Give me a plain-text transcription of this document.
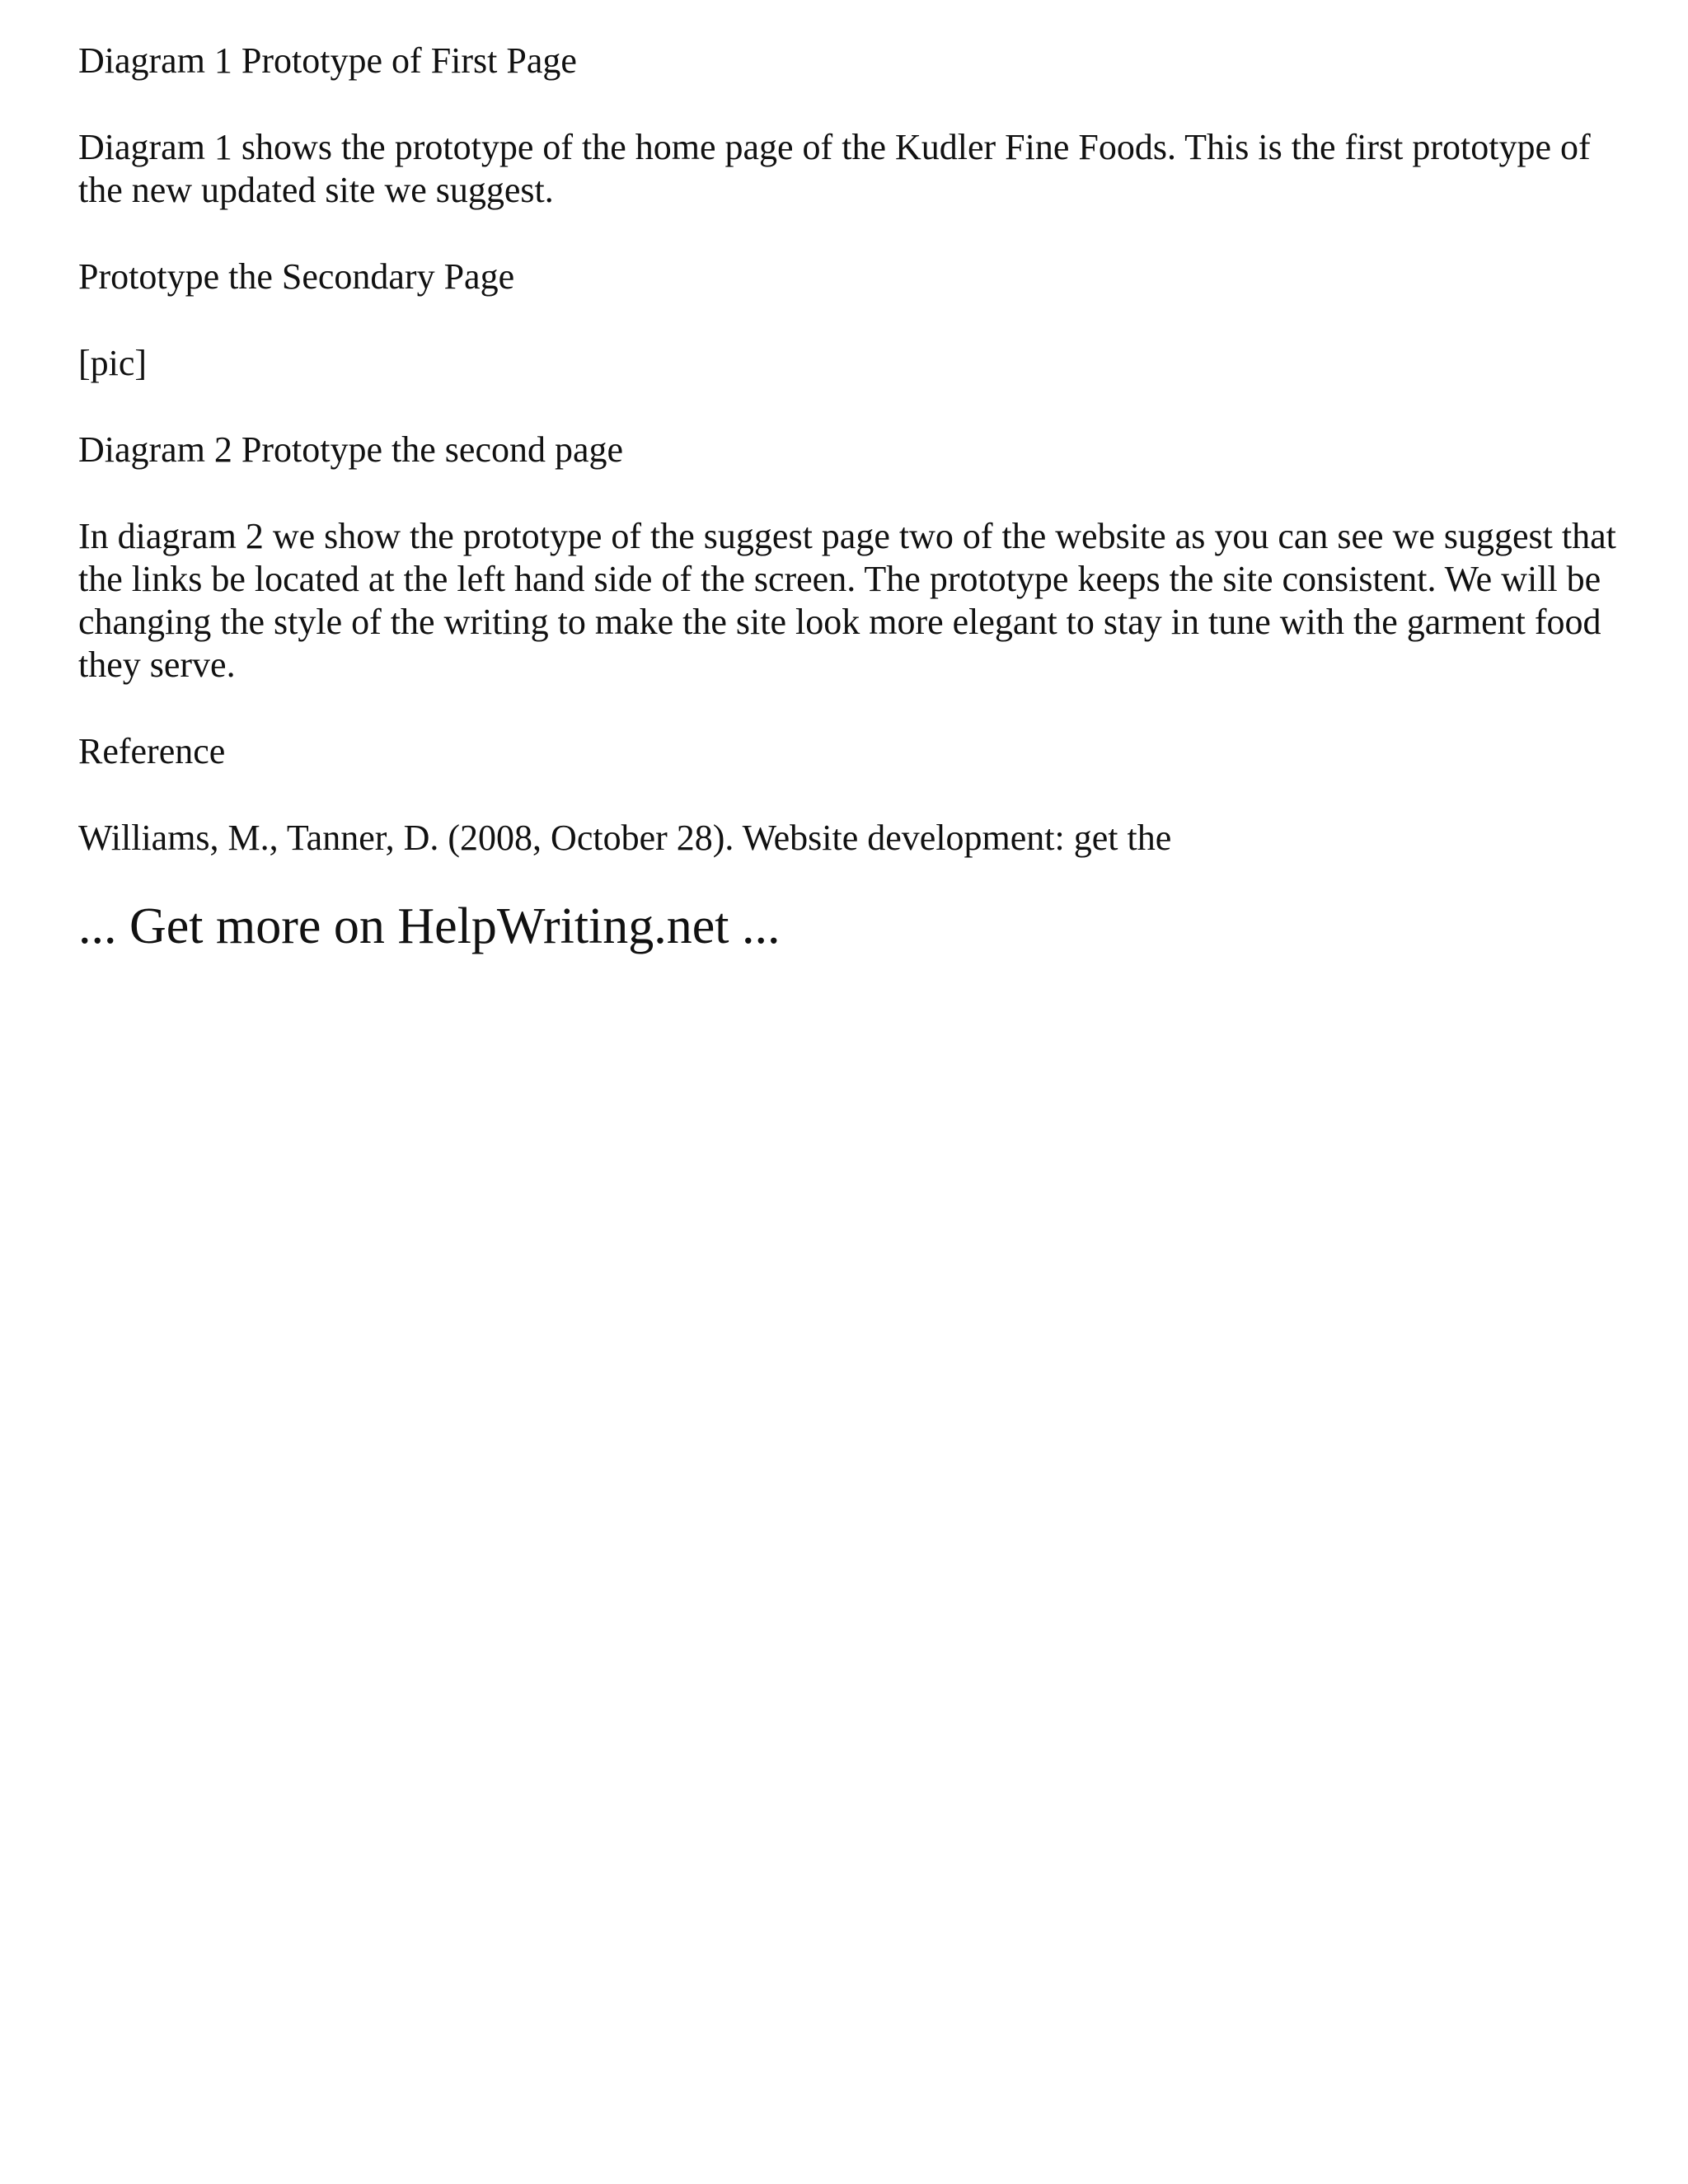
Diagram 1 Prototype of First Page

Diagram 1 shows the prototype of the home page of the Kudler Fine Foods. This is the first prototype of the new updated site we suggest.

Prototype the Secondary Page

[pic]

Diagram 2 Prototype the second page

In diagram 2 we show the prototype of the suggest page two of the website as you can see we suggest that the links be located at the left hand side of the screen. The prototype keeps the site consistent. We will be changing the style of the writing to make the site look more elegant to stay in tune with the garment food they serve.

Reference

Williams, M., Tanner, D. (2008, October 28). Website development: get the

... Get more on HelpWriting.net ...
